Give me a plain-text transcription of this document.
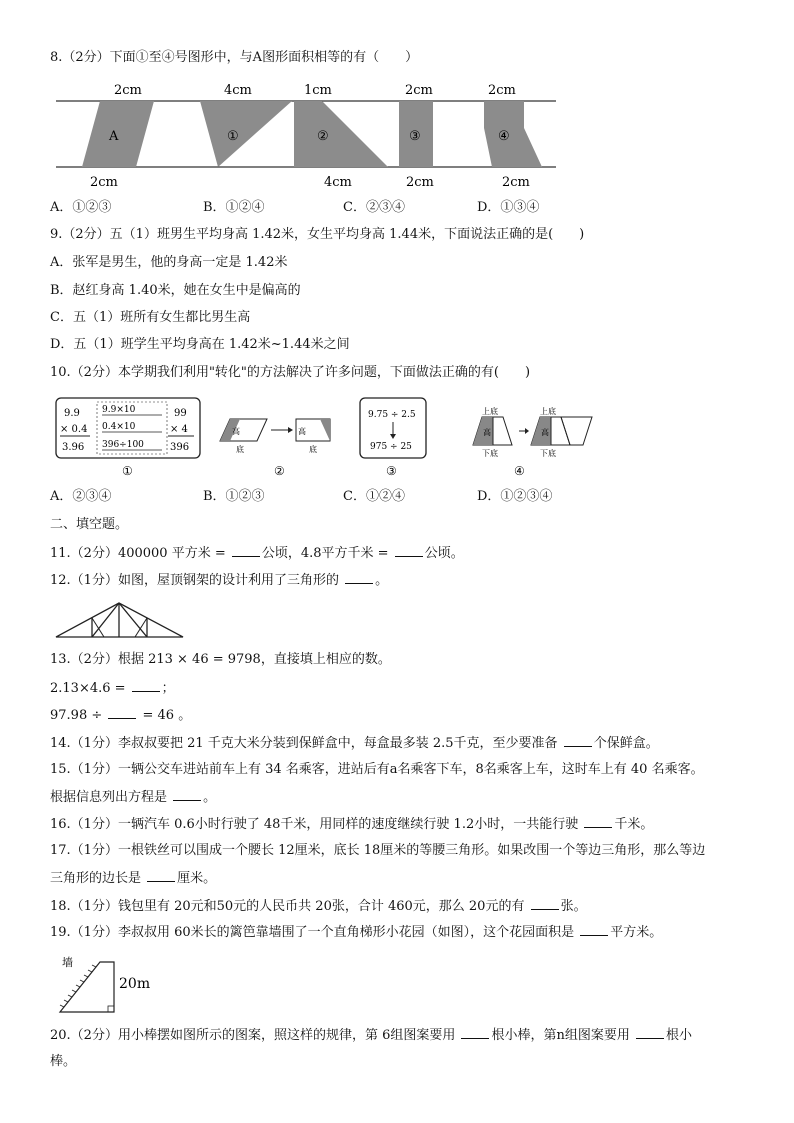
8.（2分）下面①至④号图形中，与A图形面积相等的有（　　）
2cm	4cm	1cm	2cm	2cm
2cm	4cm	2cm	2cm
A	①	②	③	④
A．①②③	B．①②④	C．②③④	D．①③④
9.（2分）五（1）班男生平均身高 1.42米，女生平均身高 1.44米，下面说法正确的是(　　)
A．张军是男生，他的身高一定是 1.42米
B．赵红身高 1.40米，她在女生中是偏高的
C．五（1）班所有女生都比男生高
D．五（1）班学生平均身高在 1.42米~1.44米之间
10.（2分）本学期我们利用"转化"的方法解决了许多问题，下面做法正确的有(　　)
9.9
× 0.4
3.96
9.9×10
0.4×10
396÷100
99
× 4
396
①
高	高
底	底
②
9.75 ÷ 2.5
975 ÷ 25
③
上底
高
下底
上底
高
下底
④
A．②③④	B．①②③	C．①②④	D．①②③④
二、填空题。
11.（2分）400000 平方米 = 公顷，4.8平方千米 = 公顷。
12.（1分）如图，屋顶钢架的设计利用了三角形的 。
13.（2分）根据 213 × 46 = 9798，直接填上相应的数。
2.13×4.6 = ；
97.98 ÷  = 46 。
14.（1分）李叔叔要把 21 千克大米分装到保鲜盒中，每盒最多装 2.5千克，至少要准备 个保鲜盒。
15.（1分）一辆公交车进站前车上有 34 名乘客，进站后有a名乘客下车，8名乘客上车，这时车上有 40 名乘客。
根据信息列出方程是 。
16.（1分）一辆汽车 0.6小时行驶了 48千米，用同样的速度继续行驶 1.2小时，一共能行驶 千米。
17.（1分）一根铁丝可以围成一个腰长 12厘米，底长 18厘米的等腰三角形。如果改围一个等边三角形，那么等边
三角形的边长是 厘米。
18.（1分）钱包里有 20元和50元的人民币共 20张，合计 460元，那么 20元的有 张。
19.（1分）李叔叔用 60米长的篱笆靠墙围了一个直角梯形小花园（如图），这个花园面积是 平方米。
墙
20m
20.（2分）用小棒摆如图所示的图案，照这样的规律，第 6组图案要用 根小棒，第n组图案要用 根小
棒。
